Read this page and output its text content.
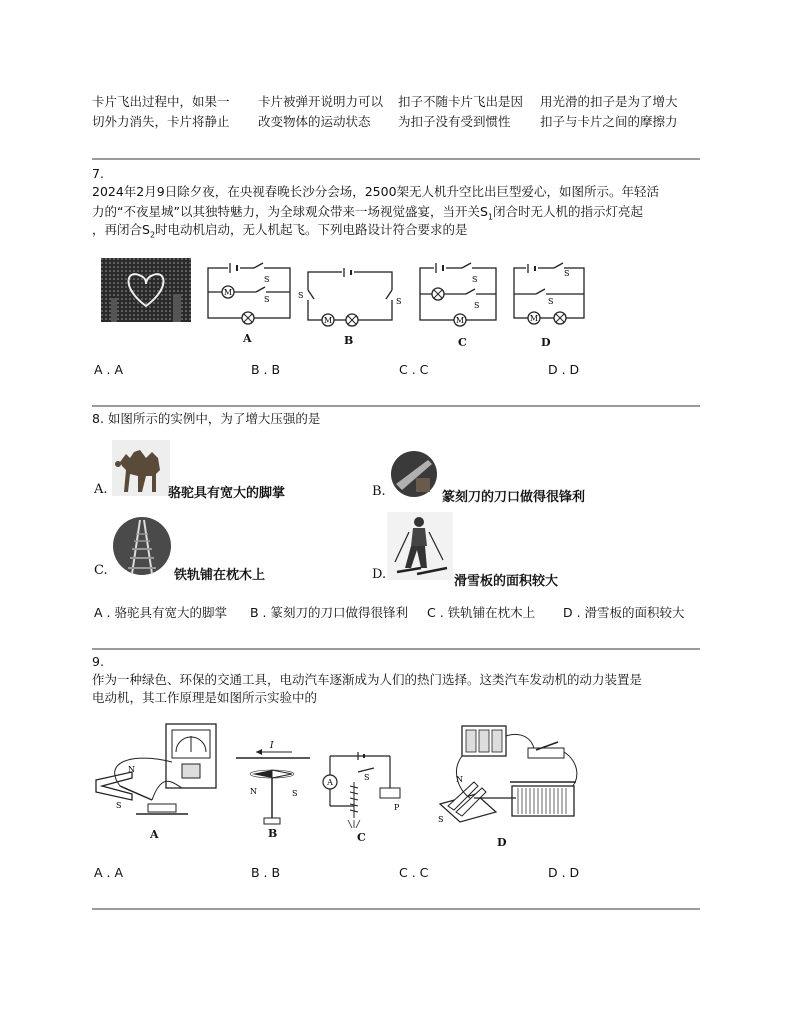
卡片飞出过程中，如果一
切外力消失，卡片将静止
卡片被弹开说明力可以
改变物体的运动状态
扣子不随卡片飞出是因
为扣子没有受到惯性
用光滑的扣子是为了增大
扣子与卡片之间的摩擦力
7.
2024年2月9日除夕夜，在央视春晚长沙分会场，2500架无人机升空比出巨型爱心，如图所示。年轻活
力的“不夜星城”以其独特魅力，为全球观众带来一场视觉盛宴，当开关$S_1$闭合时无人机的指示灯亮起
，再闭合$S_2$时电动机启动，无人机起飞。下列电路设计符合要求的是
M
S
S
A
M
S
S
B
M
S
S
C
M
S
S
D
A . A	B . B	C . C	D . D
8. 如图所示的实例中，为了增大压强的是
A.	骆驼具有宽大的脚掌	B.	篆刻刀的刀口做得很锋利
C.	铁轨铺在枕木上	D.	滑雪板的面积较大
A . 骆驼具有宽大的脚掌 B . 篆刻刀的刀口做得很锋利 C . 铁轨铺在枕木上 D . 滑雪板的面积较大
9.
作为一种绿色、环保的交通工具，电动汽车逐渐成为人们的热门选择。这类汽车发动机的动力装置是
电动机，其工作原理是如图所示实验中的
N
S
A
I
N	S
B
A
S
P
C
N
S
D
A . A	B . B	C . C	D . D
